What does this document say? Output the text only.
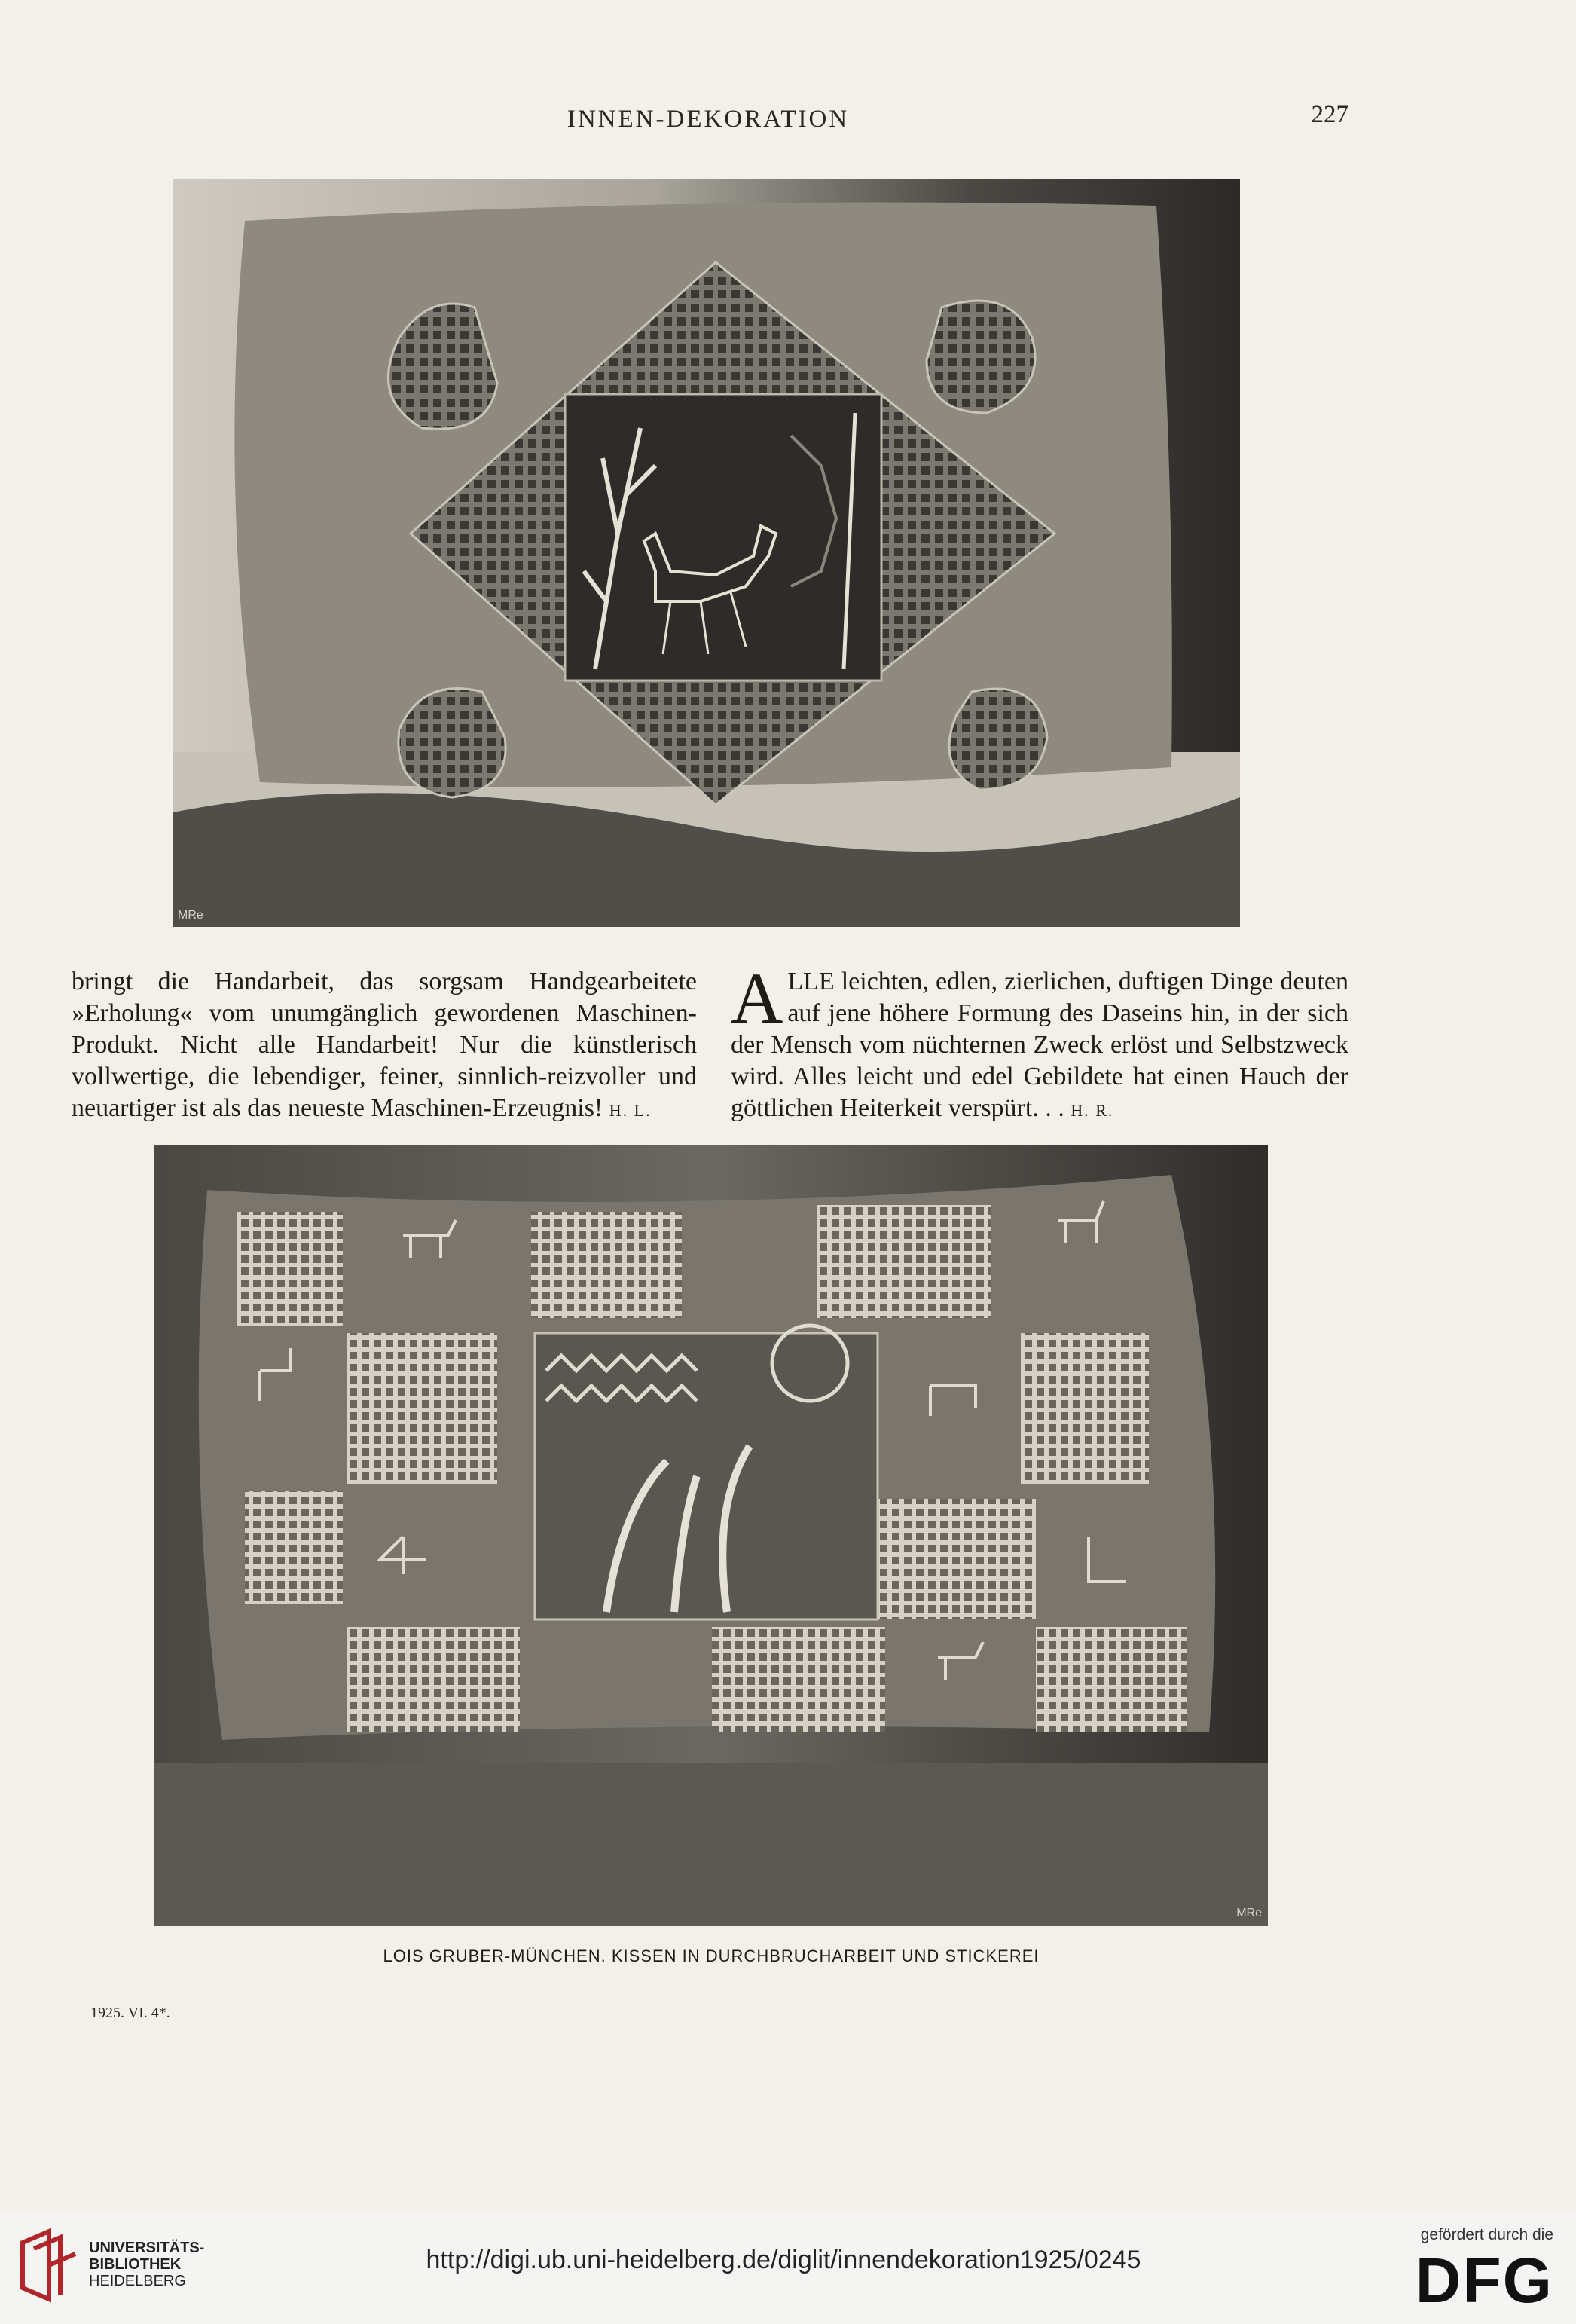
INNEN-DEKORATION	227
MRe

bringt die Handarbeit, das sorgsam Handgearbeitete »Erholung« vom unumgänglich gewordenen Maschinen-Produkt. Nicht alle Handarbeit! Nur die künstlerisch vollwertige, die lebendiger, feiner, sinnlich-reizvoller und neuartiger ist als das neueste Maschinen-Erzeugnis! H. L.

ALLE leichten, edlen, zierlichen, duftigen Dinge deuten auf jene höhere Formung des Daseins hin, in der sich der Mensch vom nüchternen Zweck erlöst und Selbstzweck wird. Alles leicht und edel Gebildete hat einen Hauch der göttlichen Heiterkeit verspürt. . . H. R.

MRe
LOIS GRUBER-MÜNCHEN. KISSEN IN DURCHBRUCHARBEIT UND STICKEREI
1925. VI. 4*.
UNIVERSITÄTS-
BIBLIOTHEK
HEIDELBERG
http://digi.ub.uni-heidelberg.de/diglit/innendekoration1925/0245
gefördert durch die
DFG
